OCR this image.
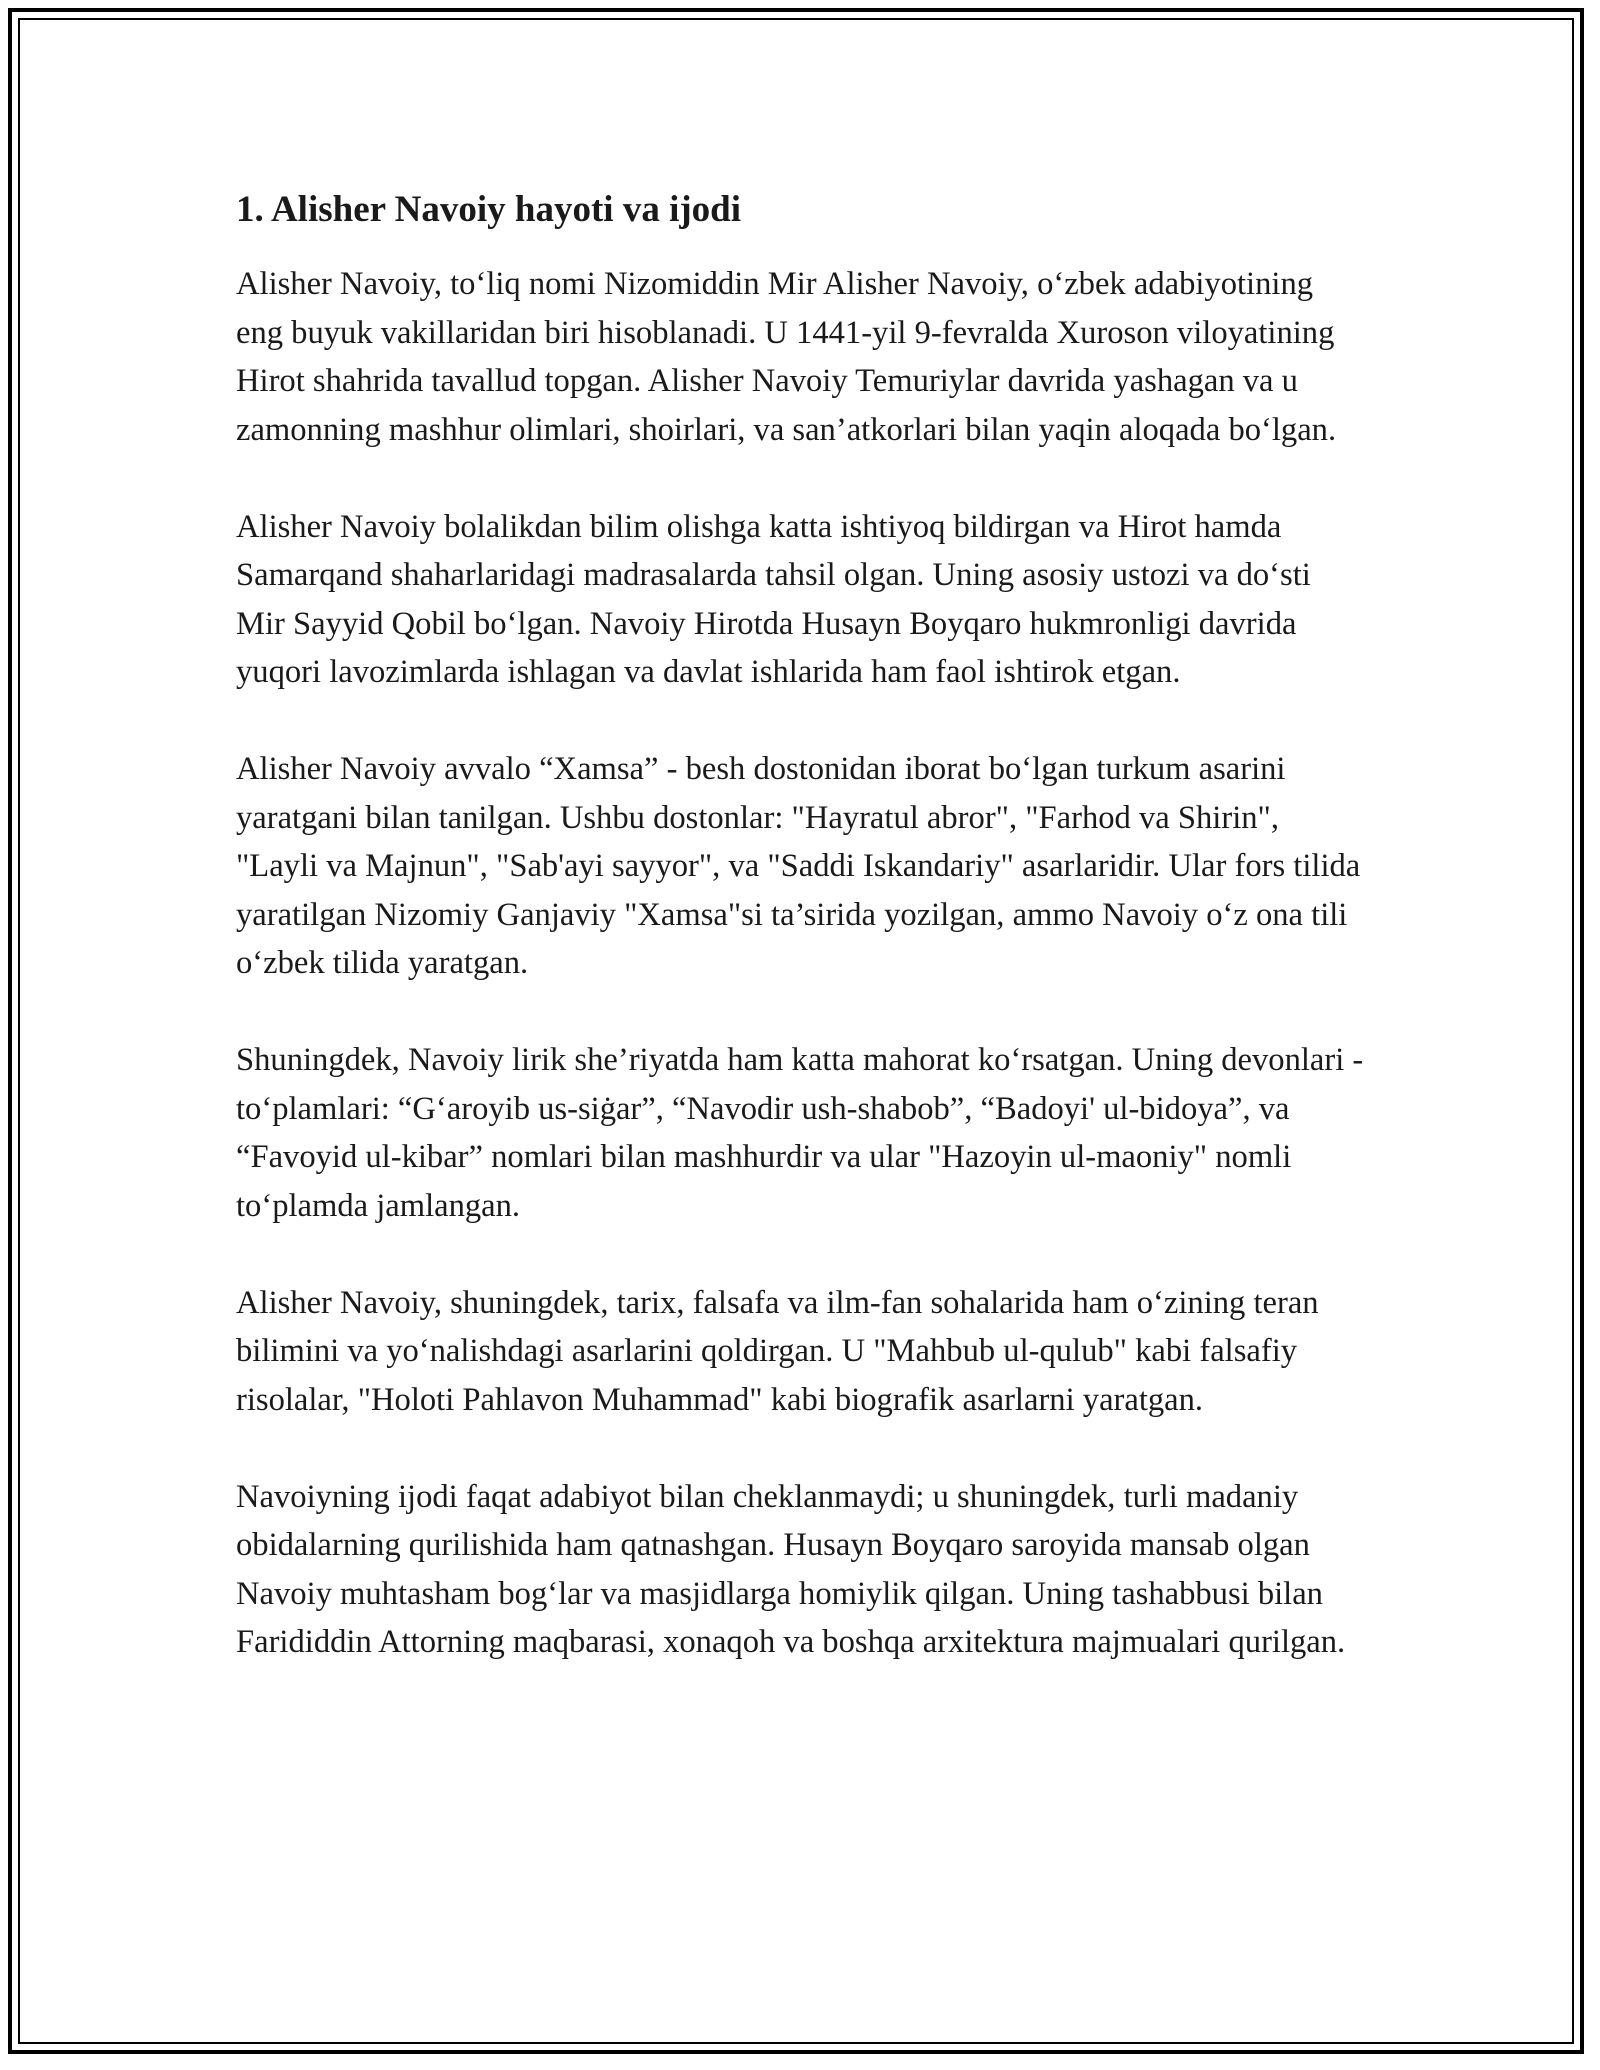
1. Alisher Navoiy hayoti va ijodi

Alisher Navoiy, to‘liq nomi Nizomiddin Mir Alisher Navoiy, o‘zbek adabiyotining eng buyuk vakillaridan biri hisoblanadi. U 1441-yil 9-fevralda Xuroson viloyatining Hirot shahrida tavallud topgan. Alisher Navoiy Temuriylar davrida yashagan va u zamonning mashhur olimlari, shoirlari, va san’atkorlari bilan yaqin aloqada bo‘lgan.

Alisher Navoiy bolalikdan bilim olishga katta ishtiyoq bildirgan va Hirot hamda Samarqand shaharlaridagi madrasalarda tahsil olgan. Uning asosiy ustozi va do‘sti Mir Sayyid Qobil bo‘lgan. Navoiy Hirotda Husayn Boyqaro hukmronligi davrida yuqori lavozimlarda ishlagan va davlat ishlarida ham faol ishtirok etgan.

Alisher Navoiy avvalo “Xamsa” - besh dostonidan iborat bo‘lgan turkum asarini yaratgani bilan tanilgan. Ushbu dostonlar: "Hayratul abror", "Farhod va Shirin", "Layli va Majnun", "Sab'ayi sayyor", va "Saddi Iskandariy" asarlaridir. Ular fors tilida yaratilgan Nizomiy Ganjaviy "Xamsa"si ta’sirida yozilgan, ammo Navoiy o‘z ona tili o‘zbek tilida yaratgan.

Shuningdek, Navoiy lirik she’riyatda ham katta mahorat ko‘rsatgan. Uning devonlari - to‘plamlari: “G‘aroyib us-siġar”, “Navodir ush-shabob”, “Badoyi' ul-bidoya”, va “Favoyid ul-kibar” nomlari bilan mashhurdir va ular "Hazoyin ul-maoniy" nomli to‘plamda jamlangan.

Alisher Navoiy, shuningdek, tarix, falsafa va ilm-fan sohalarida ham o‘zining teran bilimini va yo‘nalishdagi asarlarini qoldirgan. U "Mahbub ul-qulub" kabi falsafiy risolalar, "Holoti Pahlavon Muhammad" kabi biografik asarlarni yaratgan.

Navoiyning ijodi faqat adabiyot bilan cheklanmaydi; u shuningdek, turli madaniy obidalarning qurilishida ham qatnashgan. Husayn Boyqaro saroyida mansab olgan Navoiy muhtasham bog‘lar va masjidlarga homiylik qilgan. Uning tashabbusi bilan Farididdin Attorning maqbarasi, xonaqoh va boshqa arxitektura majmualari qurilgan.
